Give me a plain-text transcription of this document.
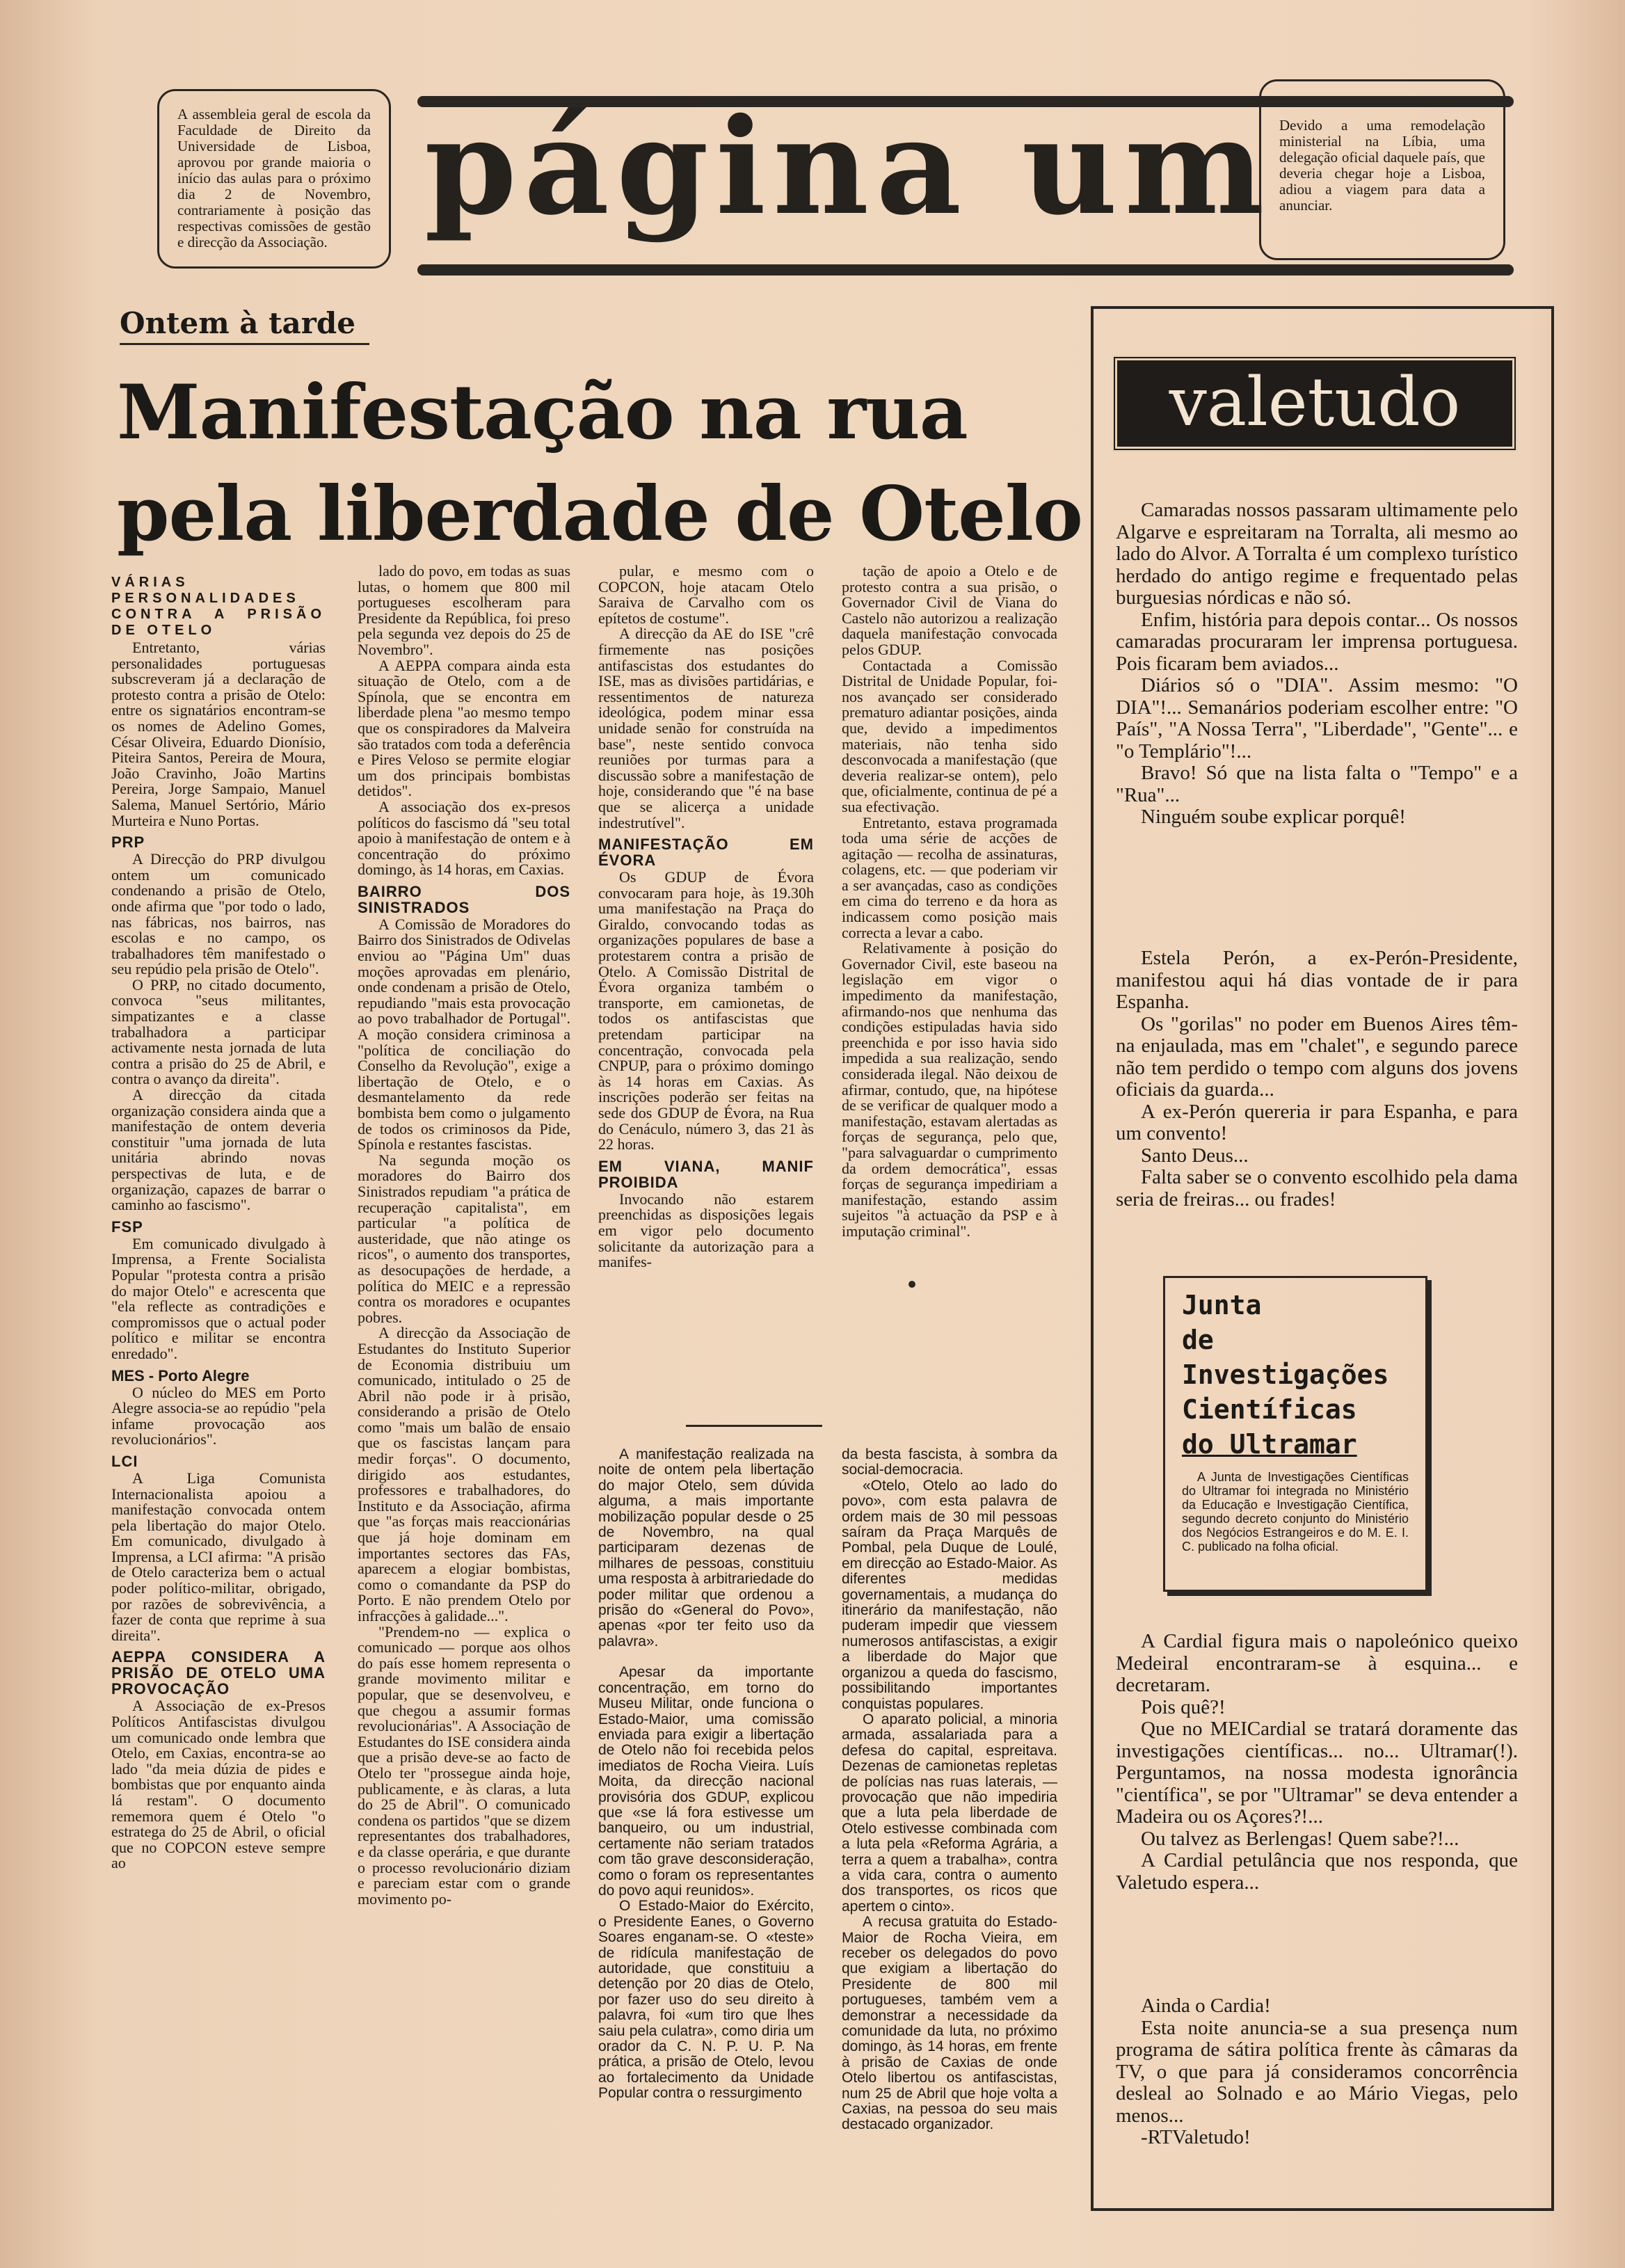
A assembleia geral de escola da Faculdade de Direito da Universidade de Lisboa, aprovou por grande maioria o início das aulas para o próximo dia 2 de Novembro, contrariamente à posição das respectivas comissões de gestão e direcção da Associação. página um Devido a uma remodelação ministerial na Líbia, uma delegação oficial daquele país, que deveria chegar hoje a Lisboa, adiou a viagem para data a anunciar.
Ontem à tarde
Manifestação na rua
pela liberdade de Otelo
VÁRIAS PERSONALIDADES CONTRA A PRISÃO DE OTELO

Entretanto, várias personalidades portuguesas subscreveram já a declaração de protesto contra a prisão de Otelo: entre os signatários encontram-se os nomes de Adelino Gomes, César Oliveira, Eduardo Dionísio, Piteira Santos, Pereira de Moura, João Cravinho, João Martins Pereira, Jorge Sampaio, Manuel Salema, Manuel Sertório, Mário Murteira e Nuno Portas.

PRP

A Direcção do PRP divulgou ontem um comunicado condenando a prisão de Otelo, onde afirma que "por todo o lado, nas fábricas, nos bairros, nas escolas e no campo, os trabalhadores têm manifestado o seu repúdio pela prisão de Otelo".

O PRP, no citado documento, convoca "seus militantes, simpatizantes e a classe trabalhadora a participar activamente nesta jornada de luta contra a prisão do 25 de Abril, e contra o avanço da direita".

A direcção da citada organização considera ainda que a manifestação de ontem deveria constituir "uma jornada de luta unitária abrindo novas perspectivas de luta, e de organização, capazes de barrar o caminho ao fascismo".

FSP

Em comunicado divulgado à Imprensa, a Frente Socialista Popular "protesta contra a prisão do major Otelo" e acrescenta que "ela reflecte as contradições e compromissos que o actual poder político e militar se encontra enredado".

MES - Porto Alegre

O núcleo do MES em Porto Alegre associa-se ao repúdio "pela infame provocação aos revolucionários".

LCI

A Liga Comunista Internacionalista apoiou a manifestação convocada ontem pela libertação do major Otelo. Em comunicado, divulgado à Imprensa, a LCI afirma: "A prisão de Otelo caracteriza bem o actual poder político-militar, obrigado, por razões de sobrevivência, a fazer de conta que reprime à sua direita".

AEPPA CONSIDERA A PRISÃO DE OTELO UMA PROVOCAÇÃO

A Associação de ex-Presos Políticos Antifascistas divulgou um comunicado onde lembra que Otelo, em Caxias, encontra-se ao lado "da meia dúzia de pides e bombistas que por enquanto ainda lá restam". O documento rememora quem é Otelo "o estratega do 25 de Abril, o oficial que no COPCON esteve sempre ao

lado do povo, em todas as suas lutas, o homem que 800 mil portugueses escolheram para Presidente da República, foi preso pela segunda vez depois do 25 de Novembro".

A AEPPA compara ainda esta situação de Otelo, com a de Spínola, que se encontra em liberdade plena "ao mesmo tempo que os conspiradores da Malveira são tratados com toda a deferência e Pires Veloso se permite elogiar um dos principais bombistas detidos".

A associação dos ex-presos políticos do fascismo dá "seu total apoio à manifestação de ontem e à concentração do próximo domingo, às 14 horas, em Caxias.

BAIRRO DOS SINISTRADOS

A Comissão de Moradores do Bairro dos Sinistrados de Odivelas enviou ao "Página Um" duas moções aprovadas em plenário, onde condenam a prisão de Otelo, repudiando "mais esta provocação ao povo trabalhador de Portugal". A moção considera criminosa a "política de conciliação do Conselho da Revolução", exige a libertação de Otelo, e o desmantelamento da rede bombista bem como o julgamento de todos os criminosos da Pide, Spínola e restantes fascistas.

Na segunda moção os moradores do Bairro dos Sinistrados repudiam "a prática de recuperação capitalista", em particular "a política de austeridade, que não atinge os ricos", o aumento dos transportes, as desocupações de herdade, a política do MEIC e a repressão contra os moradores e ocupantes pobres.

A direcção da Associação de Estudantes do Instituto Superior de Economia distribuiu um comunicado, intitulado o 25 de Abril não pode ir à prisão, considerando a prisão de Otelo como "mais um balão de ensaio que os fascistas lançam para medir forças". O documento, dirigido aos estudantes, professores e trabalhadores, do Instituto e da Associação, afirma que "as forças mais reaccionárias que já hoje dominam em importantes sectores das FAs, aparecem a elogiar bombistas, como o comandante da PSP do Porto. E não prendem Otelo por infracções à galidade...".

"Prendem-no — explica o comunicado — porque aos olhos do país esse homem representa o grande movimento militar e popular, que se desenvolveu, e que chegou a assumir formas revolucionárias". A Associação de Estudantes do ISE considera ainda que a prisão deve-se ao facto de Otelo ter "prossegue ainda hoje, publicamente, e às claras, a luta do 25 de Abril". O comunicado condena os partidos "que se dizem representantes dos trabalhadores, e da classe operária, e que durante o processo revolucionário diziam e pareciam estar com o grande movimento po-

pular, e mesmo com o COPCON, hoje atacam Otelo Saraiva de Carvalho com os epítetos de costume".

A direcção da AE do ISE "crê firmemente nas posições antifascistas dos estudantes do ISE, mas as divisões partidárias, e ressentimentos de natureza ideológica, podem minar essa unidade senão for construída na base", neste sentido convoca reuniões por turmas para a discussão sobre a manifestação de hoje, considerando que "é na base que se alicerça a unidade indestrutível".

MANIFESTAÇÃO EM ÉVORA

Os GDUP de Évora convocaram para hoje, às 19.30h uma manifestação na Praça do Giraldo, convocando todas as organizações populares de base a protestarem contra a prisão de Otelo. A Comissão Distrital de Évora organiza também o transporte, em camionetas, de todos os antifascistas que pretendam participar na concentração, convocada pela CNPUP, para o próximo domingo às 14 horas em Caxias. As inscrições poderão ser feitas na sede dos GDUP de Évora, na Rua do Cenáculo, número 3, das 21 às 22 horas.

EM VIANA, MANIF PROIBIDA

Invocando não estarem preenchidas as disposições legais em vigor pelo documento solicitante da autorização para a manifes-

tação de apoio a Otelo e de protesto contra a sua prisão, o Governador Civil de Viana do Castelo não autorizou a realização daquela manifestação convocada pelos GDUP.

Contactada a Comissão Distrital de Unidade Popular, foi-nos avançado ser considerado prematuro adiantar posições, ainda que, devido a impedimentos materiais, não tenha sido desconvocada a manifestação (que deveria realizar-se ontem), pelo que, oficialmente, continua de pé a sua efectivação.

Entretanto, estava programada toda uma série de acções de agitação — recolha de assinaturas, colagens, etc. — que poderiam vir a ser avançadas, caso as condições em cima do terreno e da hora as indicassem como posição mais correcta a levar a cabo.

Relativamente à posição do Governador Civil, este baseou na legislação em vigor o impedimento da manifestação, afirmando-nos que nenhuma das condições estipuladas havia sido preenchida e por isso havia sido impedida a sua realização, sendo considerada ilegal. Não deixou de afirmar, contudo, que, na hipótese de se verificar de qualquer modo a manifestação, estavam alertadas as forças de segurança, pelo que, "para salvaguardar o cumprimento da ordem democrática", essas forças de segurança impediriam a manifestação, estando assim sujeitos "à actuação da PSP e à imputação criminal".

A manifestação realizada na noite de ontem pela libertação do major Otelo, sem dúvida alguma, a mais importante mobilização popular desde o 25 de Novembro, na qual participaram dezenas de milhares de pessoas, constituiu uma resposta à arbitrariedade do poder militar que ordenou a prisão do «General do Povo», apenas «por ter feito uso da palavra».

Apesar da importante concentração, em torno do Museu Militar, onde funciona o Estado-Maior, uma comissão enviada para exigir a libertação de Otelo não foi recebida pelos imediatos de Rocha Vieira. Luís Moita, da direcção nacional provisória dos GDUP, explicou que «se lá fora estivesse um banqueiro, ou um industrial, certamente não seriam tratados com tão grave desconsideração, como o foram os representantes do povo aqui reunidos».

O Estado-Maior do Exército, o Presidente Eanes, o Governo Soares enganam-se. O «teste» de ridícula manifestação de autoridade, que constituiu a detenção por 20 dias de Otelo, por fazer uso do seu direito à palavra, foi «um tiro que lhes saiu pela culatra», como diria um orador da C. N. P. U. P. Na prática, a prisão de Otelo, levou ao fortalecimento da Unidade Popular contra o ressurgimento

da besta fascista, à sombra da social-democracia.

«Otelo, Otelo ao lado do povo», com esta palavra de ordem mais de 30 mil pessoas saíram da Praça Marquês de Pombal, pela Duque de Loulé, em direcção ao Estado-Maior. As diferentes medidas governamentais, a mudança do itinerário da manifestação, não puderam impedir que viessem numerosos antifascistas, a exigir a liberdade do Major que organizou a queda do fascismo, possibilitando importantes conquistas populares.

O aparato policial, a minoria armada, assalariada para a defesa do capital, espreitava. Dezenas de camionetas repletas de polícias nas ruas laterais, — provocação que não impediria que a luta pela liberdade de Otelo estivesse combinada com a luta pela «Reforma Agrária, a terra a quem a trabalha», contra a vida cara, contra o aumento dos transportes, os ricos que apertem o cinto».

A recusa gratuita do Estado-Maior de Rocha Vieira, em receber os delegados do povo que exigiam a libertação do Presidente de 800 mil portugueses, também vem a demonstrar a necessidade da comunidade da luta, no próximo domingo, às 14 horas, em frente à prisão de Caxias de onde Otelo libertou os antifascistas, num 25 de Abril que hoje volta a Caxias, na pessoa do seu mais destacado organizador.

valetudo

Camaradas nossos passaram ultimamente pelo Algarve e espreitaram na Torralta, ali mesmo ao lado do Alvor. A Torralta é um complexo turístico herdado do antigo regime e frequentado pelas burguesias nórdicas e não só.

Enfim, história para depois contar... Os nossos camaradas procuraram ler imprensa portuguesa. Pois ficaram bem aviados...

Diários só o "DIA". Assim mesmo: "O DIA"!... Semanários poderiam escolher entre: "O País", "A Nossa Terra", "Liberdade", "Gente"... e "o Templário"!...

Bravo! Só que na lista falta o "Tempo" e a "Rua"...

Ninguém soube explicar porquê!

Estela Perón, a ex-Perón-Presidente, manifestou aqui há dias vontade de ir para Espanha.

Os "gorilas" no poder em Buenos Aires têm-na enjaulada, mas em "chalet", e segundo parece não tem perdido o tempo com alguns dos jovens oficiais da guarda...

A ex-Perón quereria ir para Espanha, e para um convento!

Santo Deus...

Falta saber se o convento escolhido pela dama seria de freiras... ou frades!

Junta
de Investigações
Científicas
do Ultramar
A Junta de Investigações Científicas do Ultramar foi integrada no Ministério da Educação e Investigação Científica, segundo decreto conjunto do Ministério dos Negócios Estrangeiros e do M. E. I. C. publicado na folha oficial.

A Cardial figura mais o napoleónico queixo Medeiral encontraram-se à esquina... e decretaram.

Pois quê?!

Que no MEICardial se tratará doramente das investigações científicas... no... Ultramar(!). Perguntamos, na nossa modesta ignorância "científica", se por "Ultramar" se deva entender a Madeira ou os Açores?!...

Ou talvez as Berlengas! Quem sabe?!...

A Cardial petulância que nos responda, que Valetudo espera...

Ainda o Cardia!

Esta noite anuncia-se a sua presença num programa de sátira política frente às câmaras da TV, o que para já consideramos concorrência desleal ao Solnado e ao Mário Viegas, pelo menos...

-RTValetudo!
